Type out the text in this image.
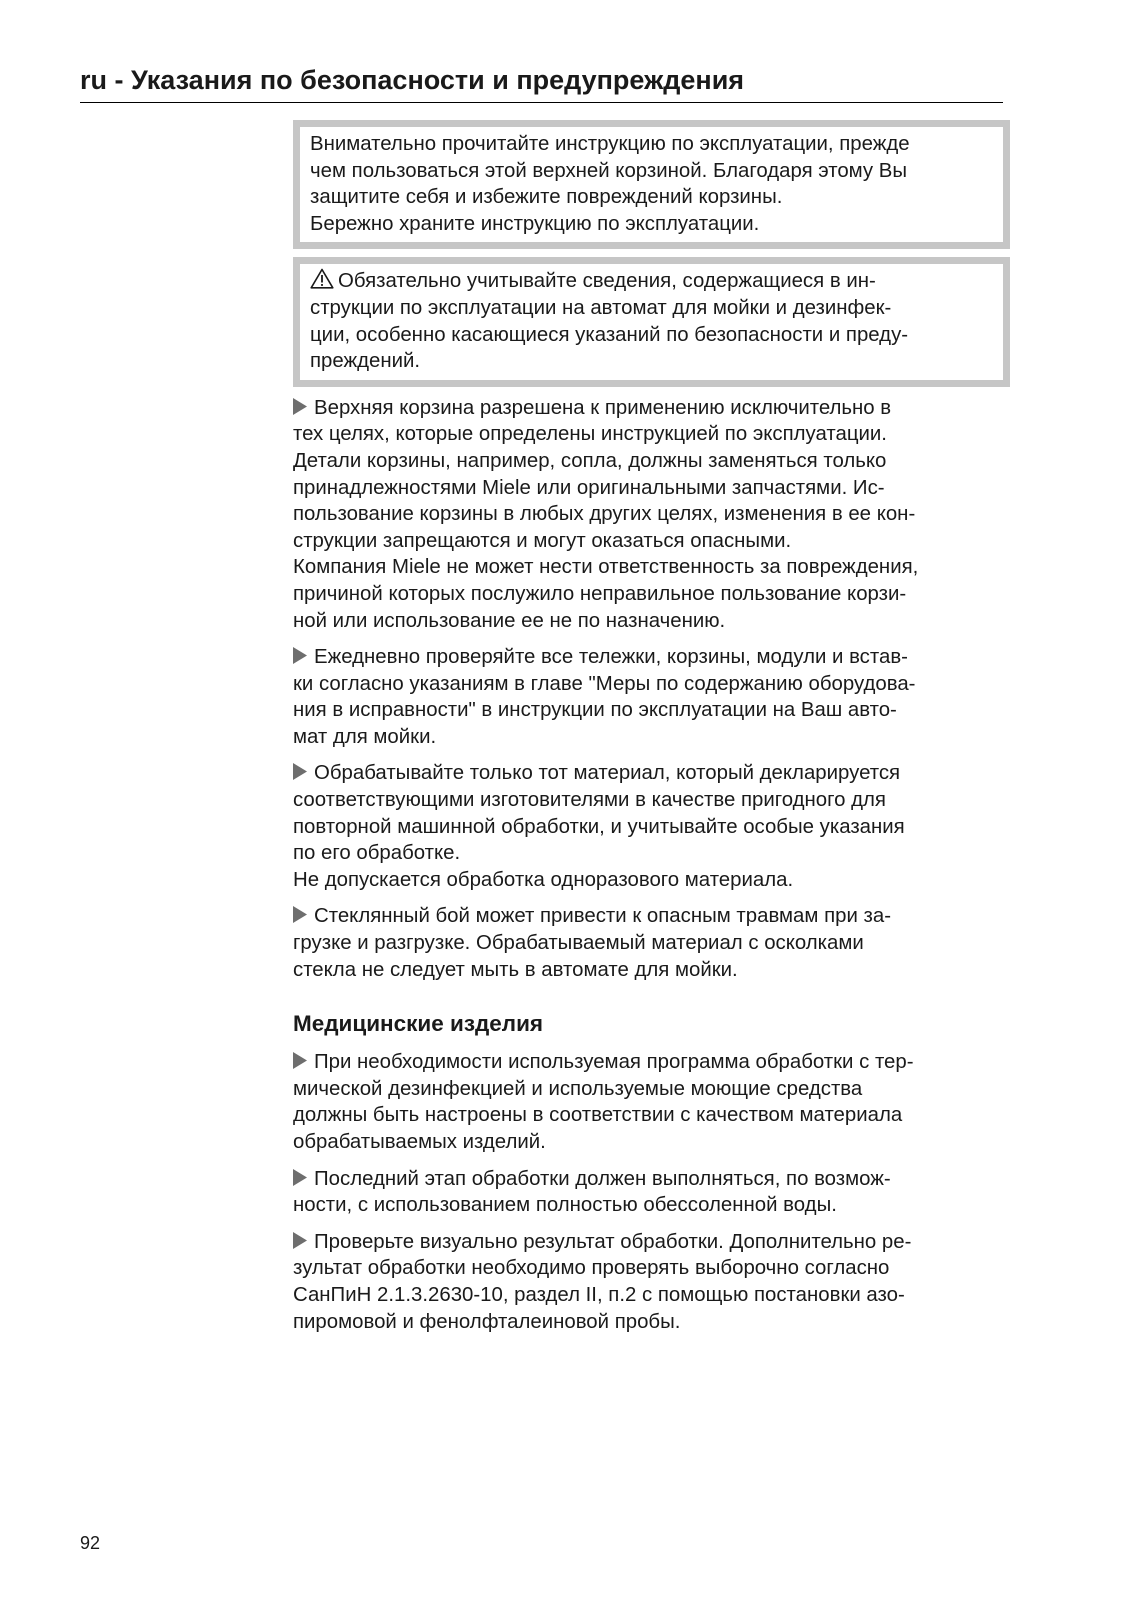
ru - Указания по безопасности и предупреждения

Внимательно прочитайте инструкцию по эксплуатации, прежде

чем пользоваться этой верхней корзиной. Благодаря этому Вы

защитите себя и избежите повреждений корзины.

Бережно храните инструкцию по эксплуатации.

Обязательно учитывайте сведения, содержащиеся в ин-

струкции по эксплуатации на автомат для мойки и дезинфек-

ции, особенно касающиеся указаний по безопасности и преду-

преждений.

Верхняя корзина разрешена к применению исключительно в

тех целях, которые определены инструкцией по эксплуатации.

Детали корзины, например, сопла, должны заменяться только

принадлежностями Miele или оригинальными запчастями. Ис-

пользование корзины в любых других целях, изменения в ее кон-

струкции запрещаются и могут оказаться опасными.

Компания Miele не может нести ответственность за повреждения,

причиной которых послужило неправильное пользование корзи-

ной или использование ее не по назначению.

Ежедневно проверяйте все тележки, корзины, модули и встав-

ки согласно указаниям в главе "Меры по содержанию оборудова-

ния в исправности" в инструкции по эксплуатации на Ваш авто-

мат для мойки.

Обрабатывайте только тот материал, который декларируется

соответствующими изготовителями в качестве пригодного для

повторной машинной обработки, и учитывайте особые указания

по его обработке.

Не допускается обработка одноразового материала.

Стеклянный бой может привести к опасным травмам при за-

грузке и разгрузке. Обрабатываемый материал с осколками

стекла не следует мыть в автомате для мойки.

Медицинские изделия

При необходимости используемая программа обработки с тер-

мической дезинфекцией и используемые моющие средства

должны быть настроены в соответствии с качеством материала

обрабатываемых изделий.

Последний этап обработки должен выполняться, по возмож-

ности, с использованием полностью обессоленной воды.

Проверьте визуально результат обработки. Дополнительно ре-

зультат обработки необходимо проверять выборочно согласно

СанПиН 2.1.3.2630-10, раздел II, п.2 с помощью постановки азо-

пиромовой и фенолфталеиновой пробы.

92
